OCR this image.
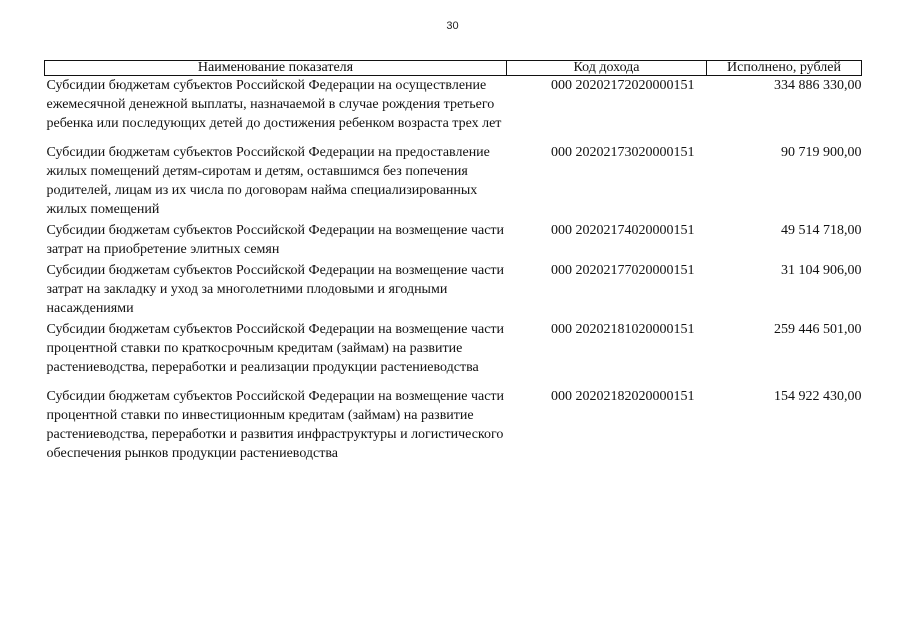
30
Наименование показателя	Код дохода	Исполнено, рублей
Субсидии бюджетам субъектов Российской Федерации на осуществление ежемесячной денежной выплаты, назначаемой в случае рождения третьего ребенка или последующих детей до достижения ребенком возраста трех лет	000 20202172020000151	334 886 330,00
Субсидии бюджетам субъектов Российской Федерации на предоставление жилых помещений детям-сиротам и детям, оставшимся без попечения родителей, лицам из их числа по договорам найма специализированных жилых помещений	000 20202173020000151	90 719 900,00
Субсидии бюджетам субъектов Российской Федерации на возмещение части затрат на приобретение элитных семян	000 20202174020000151	49 514 718,00
Субсидии бюджетам субъектов Российской Федерации на возмещение части затрат на закладку и уход за многолетними плодовыми и ягодными насаждениями	000 20202177020000151	31 104 906,00
Субсидии бюджетам субъектов Российской Федерации на возмещение части процентной ставки по краткосрочным кредитам (займам) на развитие растениеводства, переработки и реализации продукции растениеводства	000 20202181020000151	259 446 501,00
Субсидии бюджетам субъектов Российской Федерации на возмещение части процентной ставки по инвестиционным кредитам (займам) на развитие растениеводства, переработки и развития инфраструктуры и логистического обеспечения рынков продукции растениеводства	000 20202182020000151	154 922 430,00
